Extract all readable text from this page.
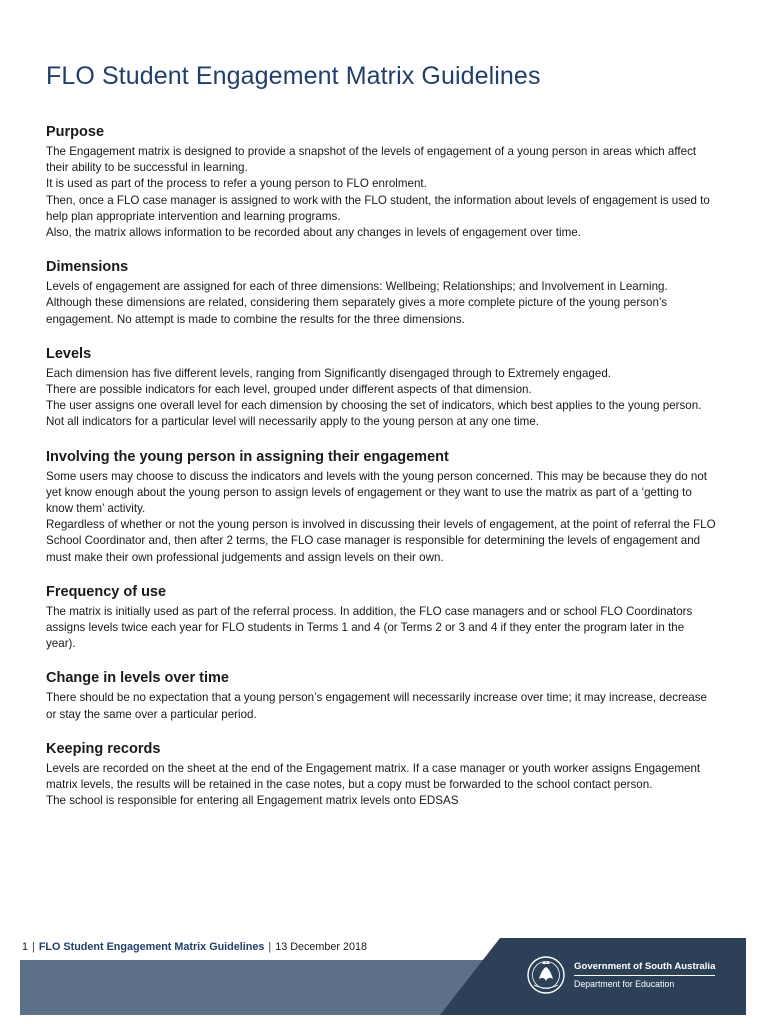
FLO Student Engagement Matrix Guidelines
Purpose

The Engagement matrix is designed to provide a snapshot of the levels of engagement of a young person in areas which affect their ability to be successful in learning.

It is used as part of the process to refer a young person to FLO enrolment.

Then, once a FLO case manager is assigned to work with the FLO student, the information about levels of engagement is used to help plan appropriate intervention and learning programs.

Also, the matrix allows information to be recorded about any changes in levels of engagement over time.

Dimensions

Levels of engagement are assigned for each of three dimensions: Wellbeing; Relationships; and Involvement in Learning. Although these dimensions are related, considering them separately gives a more complete picture of the young person’s engagement. No attempt is made to combine the results for the three dimensions.

Levels

Each dimension has five different levels, ranging from Significantly disengaged through to Extremely engaged.

There are possible indicators for each level, grouped under different aspects of that dimension.

The user assigns one overall level for each dimension by choosing the set of indicators, which best applies to the young person. Not all indicators for a particular level will necessarily apply to the young person at any one time.

Involving the young person in assigning their engagement

Some users may choose to discuss the indicators and levels with the young person concerned. This may be because they do not yet know enough about the young person to assign levels of engagement or they want to use the matrix as part of a ‘getting to know them’ activity.

Regardless of whether or not the young person is involved in discussing their levels of engagement, at the point of referral the FLO School Coordinator and, then after 2 terms, the FLO case manager is responsible for determining the levels of engagement and must make their own professional judgements and assign levels on their own.

Frequency of use

The matrix is initially used as part of the referral process. In addition, the FLO case managers and or school FLO Coordinators assigns levels twice each year for FLO students in Terms 1 and 4 (or Terms 2 or 3 and 4 if they enter the program later in the year).

Change in levels over time

There should be no expectation that a young person’s engagement will necessarily increase over time; it may increase, decrease or stay the same over a particular period.

Keeping records

Levels are recorded on the sheet at the end of the Engagement matrix. If a case manager or youth worker assigns Engagement matrix levels, the results will be retained in the case notes, but a copy must be forwarded to the school contact person.

The school is responsible for entering all Engagement matrix levels onto EDSAS

1 | FLO Student Engagement Matrix Guidelines | 13 December 2018
Government of South Australia
Department for Education
